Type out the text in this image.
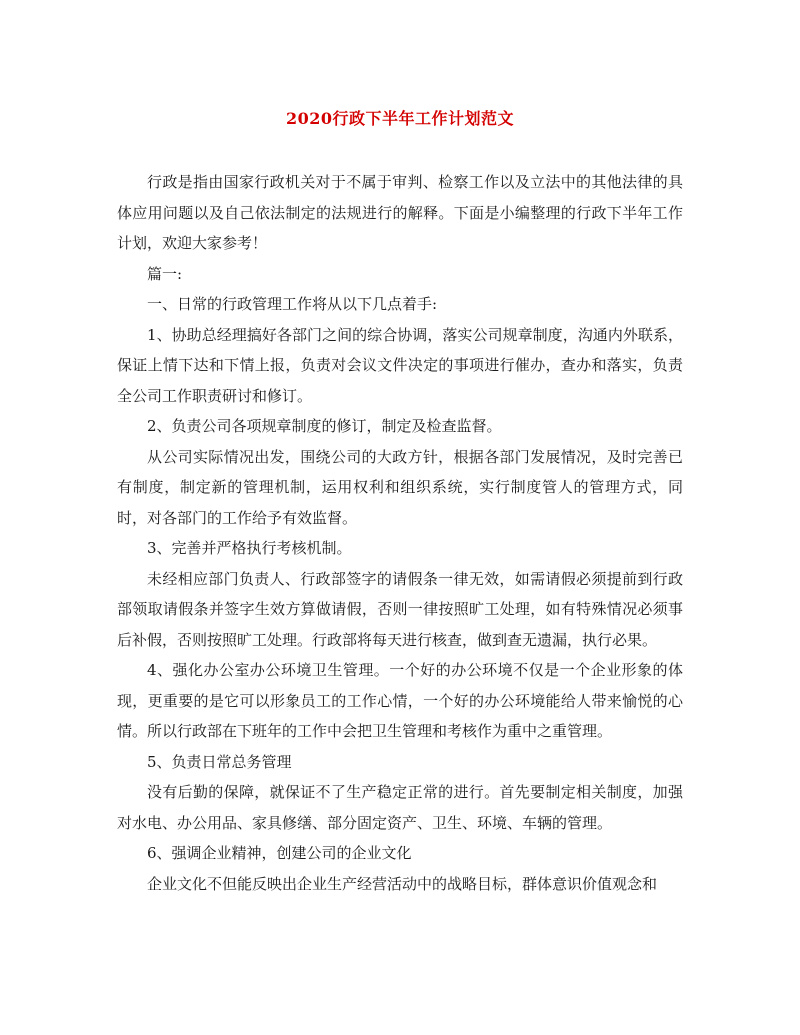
2020行政下半年工作计划范文

行政是指由国家行政机关对于不属于审判、检察工作以及立法中的其他法律的具体应用问题以及自己依法制定的法规进行的解释。下面是小编整理的行政下半年工作计划，欢迎大家参考！

篇一:

一、日常的行政管理工作将从以下几点着手:

1、协助总经理搞好各部门之间的综合协调，落实公司规章制度，沟通内外联系，保证上情下达和下情上报，负责对会议文件决定的事项进行催办，查办和落实，负责全公司工作职责研讨和修订。

2、负责公司各项规章制度的修订，制定及检查监督。

从公司实际情况出发，围绕公司的大政方针，根据各部门发展情况，及时完善已有制度，制定新的管理机制，运用权利和组织系统，实行制度管人的管理方式，同时，对各部门的工作给予有效监督。

3、完善并严格执行考核机制。

未经相应部门负责人、行政部签字的请假条一律无效，如需请假必须提前到行政部领取请假条并签字生效方算做请假，否则一律按照旷工处理，如有特殊情况必须事后补假，否则按照旷工处理。行政部将每天进行核查，做到查无遗漏，执行必果。

4、强化办公室办公环境卫生管理。一个好的办公环境不仅是一个企业形象的体现，更重要的是它可以形象员工的工作心情，一个好的办公环境能给人带来愉悦的心情。所以行政部在下班年的工作中会把卫生管理和考核作为重中之重管理。

5、负责日常总务管理

没有后勤的保障，就保证不了生产稳定正常的进行。首先要制定相关制度，加强对水电、办公用品、家具修缮、部分固定资产、卫生、环境、车辆的管理。

6、强调企业精神，创建公司的企业文化

企业文化不但能反映出企业生产经营活动中的战略目标，群体意识价值观念和
